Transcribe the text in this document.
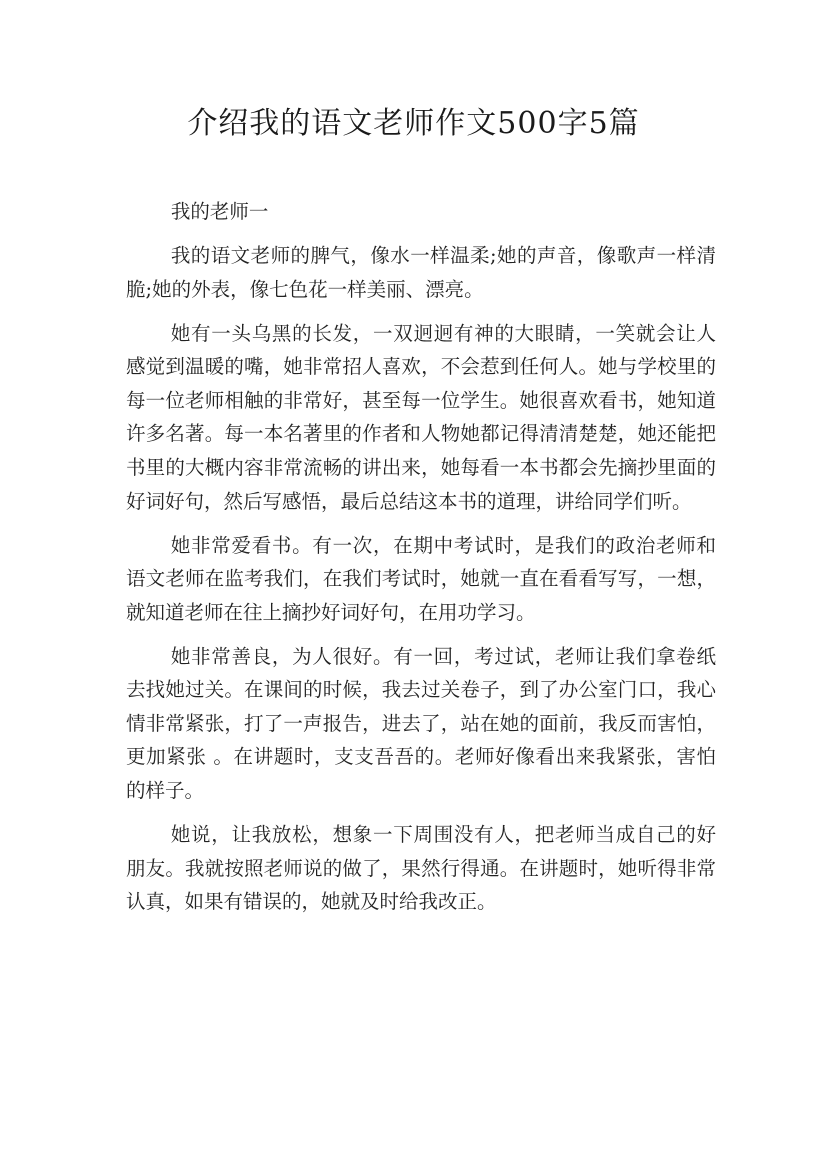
介绍我的语文老师作文500字5篇

我的老师一

我的语文老师的脾气，像水一样温柔;她的声音，像歌声一样清脆;她的外表，像七色花一样美丽、漂亮。

她有一头乌黑的长发，一双迥迥有神的大眼睛，一笑就会让人感觉到温暖的嘴，她非常招人喜欢，不会惹到任何人。她与学校里的每一位老师相触的非常好，甚至每一位学生。她很喜欢看书，她知道许多名著。每一本名著里的作者和人物她都记得清清楚楚，她还能把书里的大概内容非常流畅的讲出来，她每看一本书都会先摘抄里面的好词好句，然后写感悟，最后总结这本书的道理，讲给同学们听。

她非常爱看书。有一次，在期中考试时，是我们的政治老师和语文老师在监考我们，在我们考试时，她就一直在看看写写，一想，就知道老师在往上摘抄好词好句，在用功学习。

她非常善良，为人很好。有一回，考过试，老师让我们拿卷纸去找她过关。在课间的时候，我去过关卷子，到了办公室门口，我心情非常紧张，打了一声报告，进去了，站在她的面前，我反而害怕，更加紧张 。在讲题时，支支吾吾的。老师好像看出来我紧张，害怕的样子。

她说，让我放松，想象一下周围没有人，把老师当成自己的好朋友。我就按照老师说的做了，果然行得通。在讲题时，她听得非常认真，如果有错误的，她就及时给我改正。
